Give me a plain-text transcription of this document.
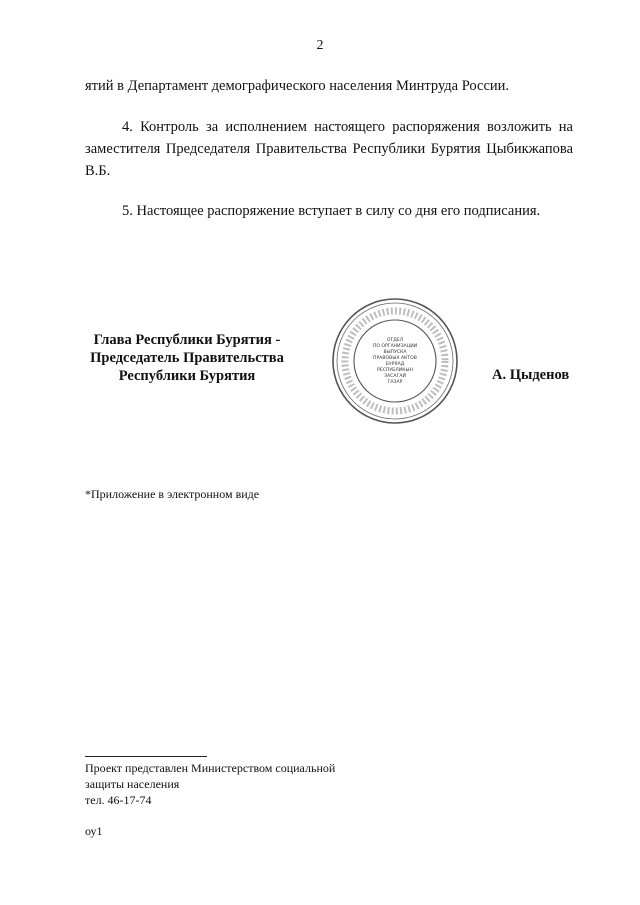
2
ятий в Департамент демографического населения Минтруда России.
4. Контроль за исполнением настоящего распоряжения возложить на заместителя Председателя Правительства Республики Бурятия Цыбикжапова В.Б.
5. Настоящее распоряжение вступает в силу со дня его подписания.
Глава Республики Бурятия -
Председатель Правительства
Республики Бурятия
ОТДЕЛ
ПО ОРГАНИЗАЦИИ
ВЫПУСКА
ПРАВОВЫХ АКТОВ
БУРЯАД
РЕСПУБЛИКЫН
ЗАСАГАЙ
ГАЗАР	А. Цыденов
*Приложение в электронном виде
Проект представлен Министерством социальной
защиты населения
тел. 46-17-74
оу1
